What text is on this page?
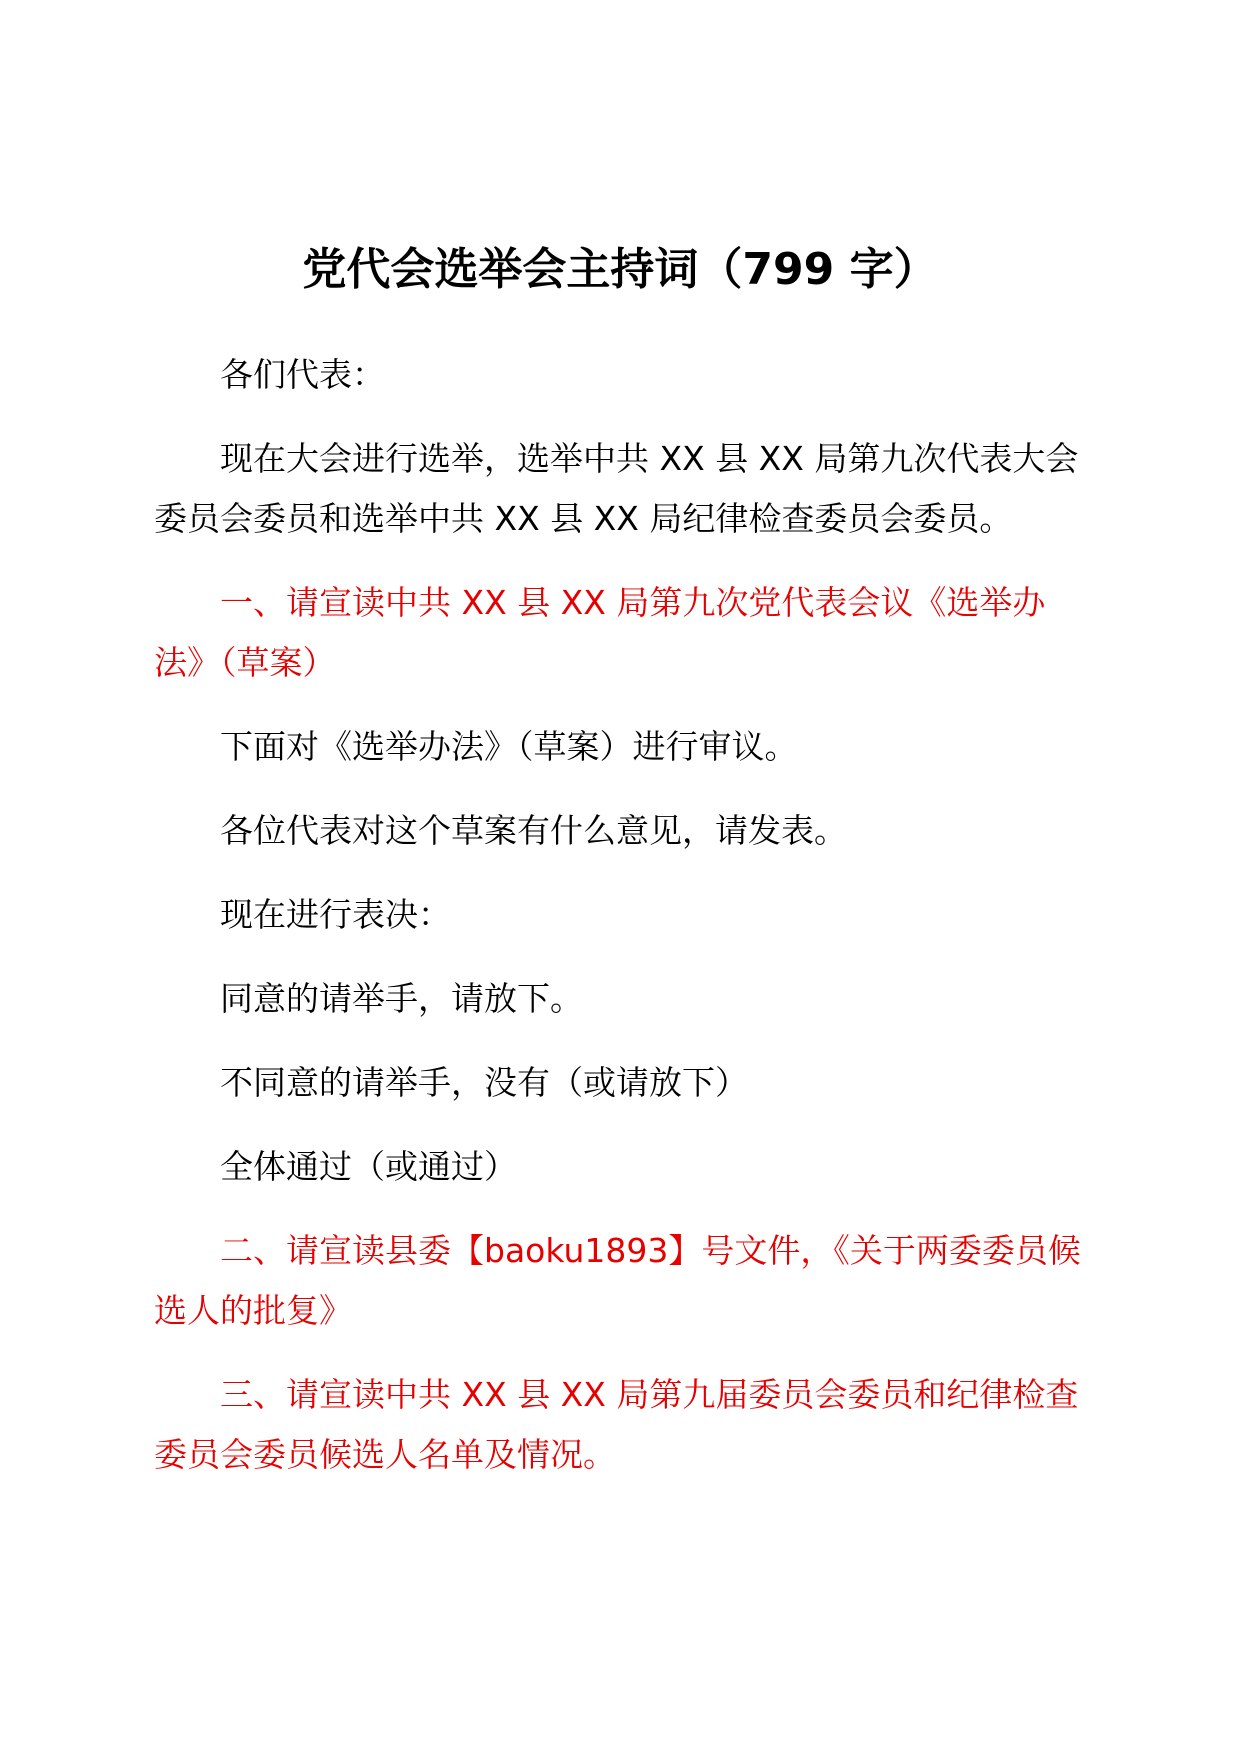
党代会选举会主持词（799 字）

各们代表：

现在大会进行选举，选举中共 XX 县 XX 局第九次代表大会委员会委员和选举中共 XX 县 XX 局纪律检查委员会委员。

一、请宣读中共 XX 县 XX 局第九次党代表会议《选举办法》（草案）

下面对《选举办法》（草案）进行审议。

各位代表对这个草案有什么意见，请发表。

现在进行表决：

同意的请举手，请放下。

不同意的请举手，没有（或请放下）

全体通过（或通过）

二、请宣读县委【baoku1893】号文件，《关于两委委员候选人的批复》

三、请宣读中共 XX 县 XX 局第九届委员会委员和纪律检查委员会委员候选人名单及情况。
